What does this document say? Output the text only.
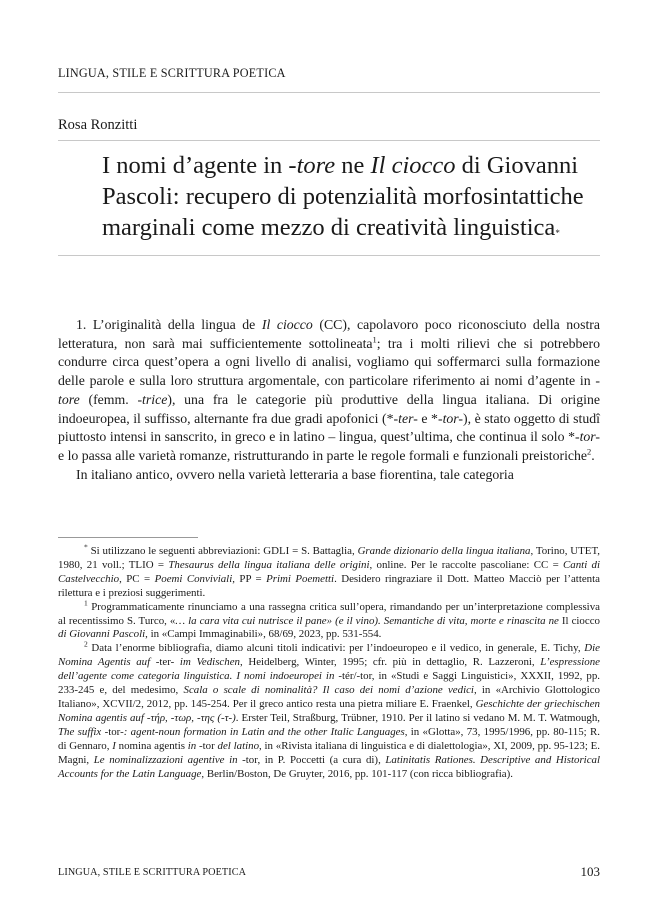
LINGUA, STILE E SCRITTURA POETICA
Rosa Ronzitti
I nomi d’agente in -tore ne Il ciocco di Giovanni Pascoli: recupero di potenzialità morfosintattiche marginali come mezzo di creatività linguistica*

1. L’originalità della lingua de Il ciocco (CC), capolavoro poco riconosciuto della nostra letteratura, non sarà mai sufficientemente sottolineata$^1$; tra i molti rilievi che si potrebbero condurre circa quest’opera a ogni livello di analisi, vogliamo qui soffermarci sulla formazione delle parole e sulla loro struttura argomentale, con particolare riferimento ai nomi d’agente in -tore (femm. -trice), una fra le categorie più produttive della lingua italiana. Di origine indoeuropea, il suffisso, alternante fra due gradi apofonici (*-ter- e *-tor-), è stato oggetto di studî piuttosto intensi in sanscrito, in greco e in latino – lingua, quest’ultima, che continua il solo *-tor- e lo passa alle varietà romanze, ristrutturando in parte le regole formali e funzionali preistoriche$^2$.

In italiano antico, ovvero nella varietà letteraria a base fiorentina, tale categoria

* Si utilizzano le seguenti abbreviazioni: GDLI = S. Battaglia, Grande dizionario della lingua italiana, Torino, UTET, 1980, 21 voll.; TLIO = Thesaurus della lingua italiana delle origini, online. Per le raccolte pascoliane: CC = Canti di Castelvecchio, PC = Poemi Conviviali, PP = Primi Poemetti. Desidero ringraziare il Dott. Matteo Macciò per l’attenta rilettura e i preziosi suggerimenti.

$^1$ Programmaticamente rinunciamo a una rassegna critica sull’opera, rimandando per un’interpretazione complessiva al recentissimo S. Turco, «… la cara vita cui nutrisce il pane» (e il vino). Semantiche di vita, morte e rinascita ne Il ciocco di Giovanni Pascoli, in «Campi Immaginabili», 68/69, 2023, pp. 531-554.

$^2$ Data l’enorme bibliografia, diamo alcuni titoli indicativi: per l’indoeuropeo e il vedico, in generale, E. Tichy, Die Nomina Agentis auf -ter- im Vedischen, Heidelberg, Winter, 1995; cfr. più in dettaglio, R. Lazzeroni, L’espressione dell’agente come categoria linguistica. I nomi indoeuropei in -tér/-tor, in «Studi e Saggi Linguistici», XXXII, 1992, pp. 233-245 e, del medesimo, Scala o scale di nominalità? Il caso dei nomi d’azione vedici, in «Archivio Glottologico Italiano», XCVII/2, 2012, pp. 145-254. Per il greco antico resta una pietra miliare E. Fraenkel, Geschichte der griechischen Nomina agentis auf -τήρ, -τωρ, -της (-τ-). Erster Teil, Straßburg, Trübner, 1910. Per il latino si vedano M. M. T. Watmough, The suffix -tor-: agent-noun formation in Latin and the other Italic Languages, in «Glotta», 73, 1995/1996, pp. 80-115; R. di Gennaro, I nomina agentis in -tor del latino, in «Rivista italiana di linguistica e di dialettologia», XI, 2009, pp. 95-123; E. Magni, Le nominalizzazioni agentive in -tor, in P. Poccetti (a cura di), Latinitatis Rationes. Descriptive and Historical Accounts for the Latin Language, Berlin/Boston, De Gruyter, 2016, pp. 101-117 (con ricca bibliografia).

LINGUA, STILE E SCRITTURA POETICA	103
